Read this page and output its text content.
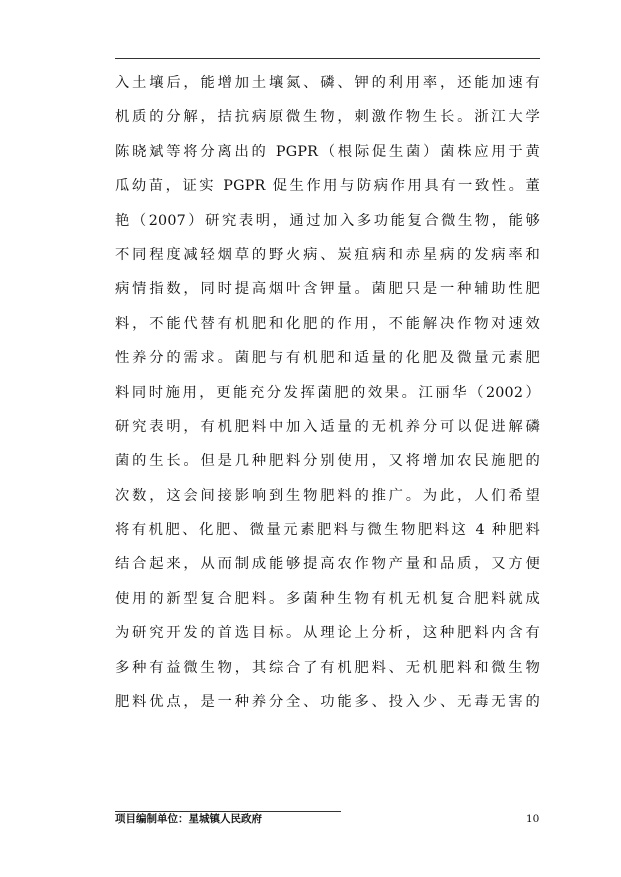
入土壤后，能增加土壤氮、磷、钾的利用率，还能加速有
机质的分解，拮抗病原微生物，刺激作物生长。浙江大学
陈晓斌等将分离出的 PGPR（根际促生菌）菌株应用于黄
瓜幼苗，证实 PGPR 促生作用与防病作用具有一致性。董
艳（2007）研究表明，通过加入多功能复合微生物，能够
不同程度减轻烟草的野火病、炭疽病和赤星病的发病率和
病情指数，同时提高烟叶含钾量。菌肥只是一种辅助性肥
料，不能代替有机肥和化肥的作用，不能解决作物对速效
性养分的需求。菌肥与有机肥和适量的化肥及微量元素肥
料同时施用，更能充分发挥菌肥的效果。江丽华（2002）
研究表明，有机肥料中加入适量的无机养分可以促进解磷
菌的生长。但是几种肥料分别使用，又将增加农民施肥的
次数，这会间接影响到生物肥料的推广。为此，人们希望
将有机肥、化肥、微量元素肥料与微生物肥料这 4 种肥料
结合起来，从而制成能够提高农作物产量和品质，又方便
使用的新型复合肥料。多菌种生物有机无机复合肥料就成
为研究开发的首选目标。从理论上分析，这种肥料内含有
多种有益微生物，其综合了有机肥料、无机肥料和微生物
肥料优点，是一种养分全、功能多、投入少、无毒无害的
项目编制单位：星城镇人民政府	10
